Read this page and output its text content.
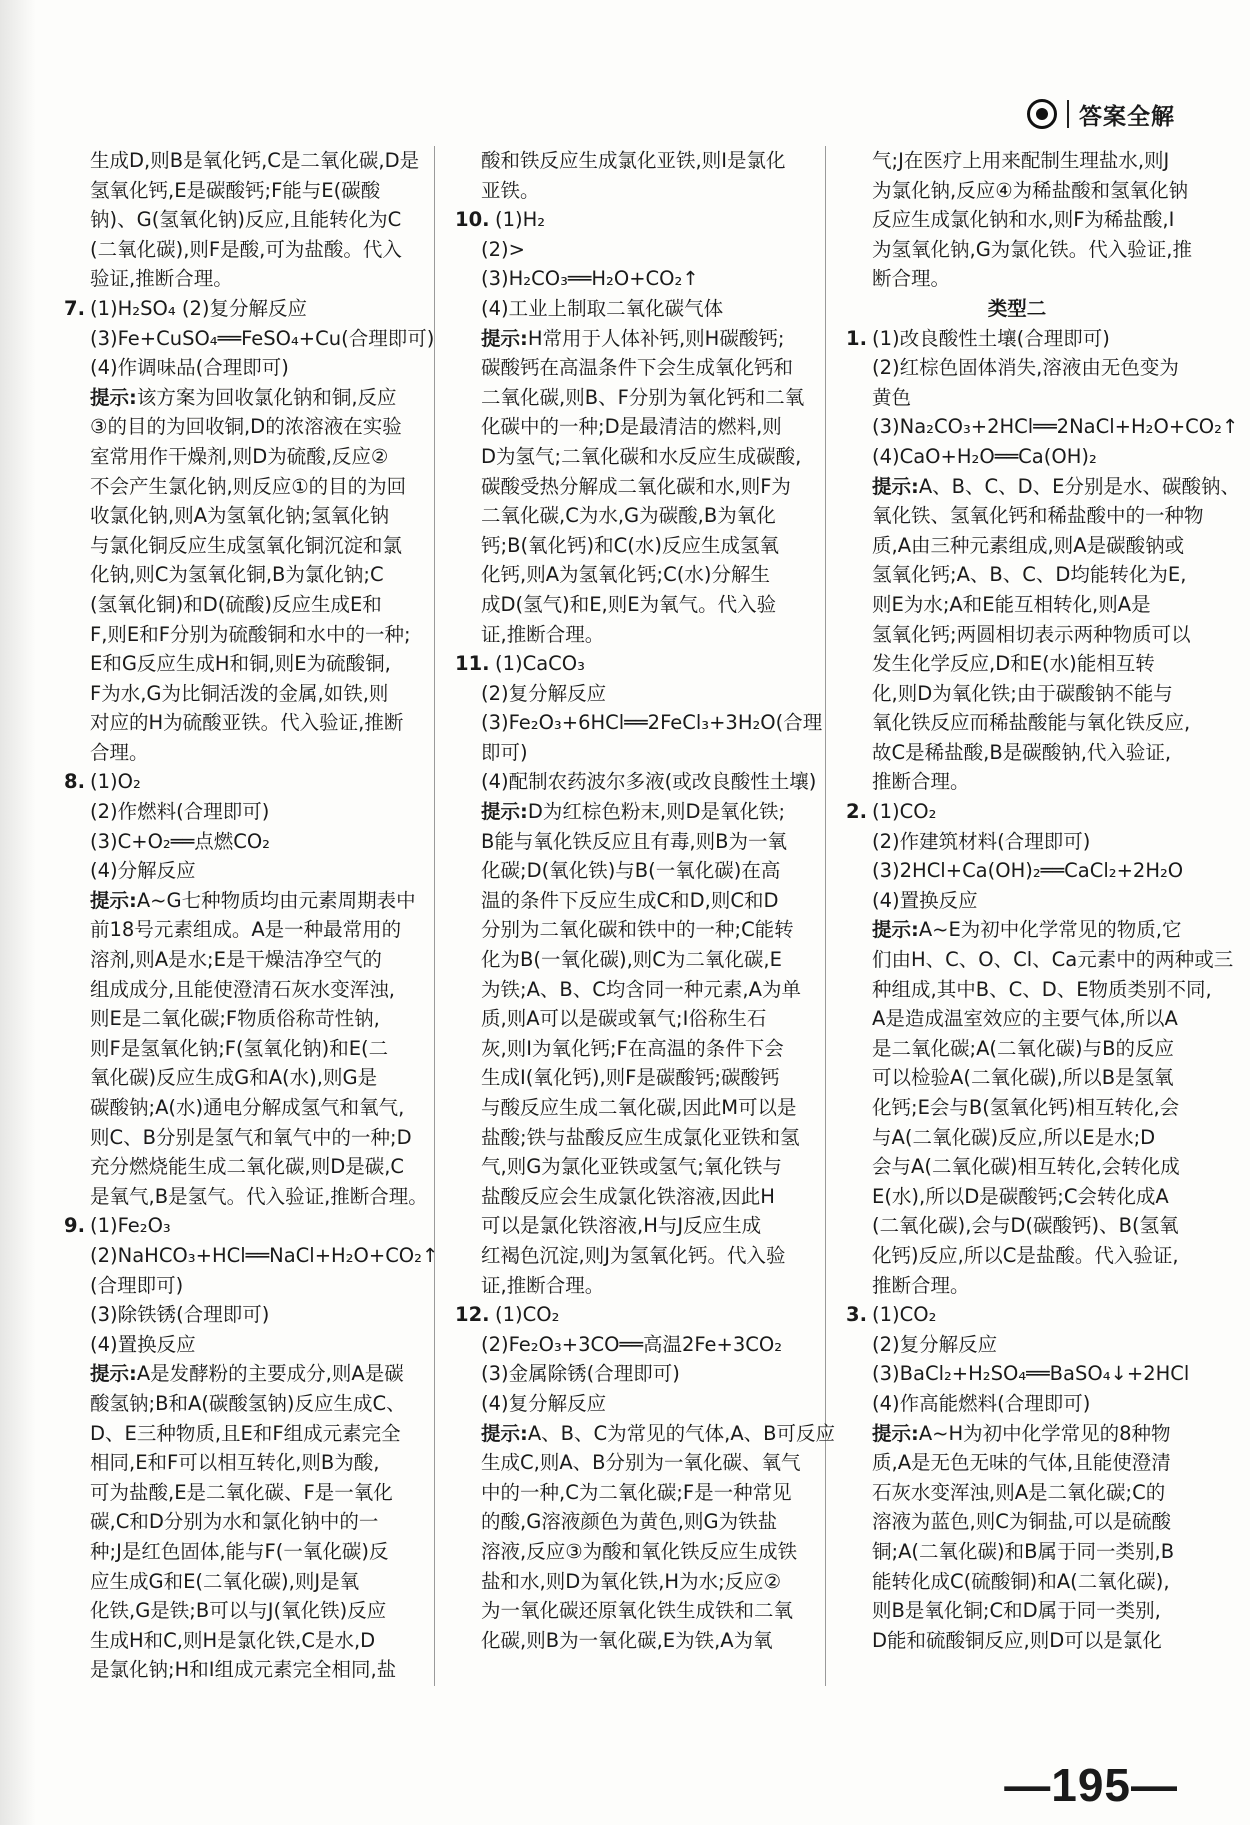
答案全解
生成D,则B是氧化钙,C是二氧化碳,D是
氢氧化钙,E是碳酸钙;F能与E(碳酸
钠)、G(氢氧化钠)反应,且能转化为C
(二氧化碳),则F是酸,可为盐酸。代入
验证,推断合理。
7. (1)H₂SO₄ (2)复分解反应
(3)Fe+CuSO₄══FeSO₄+Cu(合理即可)
(4)作调味品(合理即可)
提示:该方案为回收氯化钠和铜,反应
③的目的为回收铜,D的浓溶液在实验
室常用作干燥剂,则D为硫酸,反应②
不会产生氯化钠,则反应①的目的为回
收氯化钠,则A为氢氧化钠;氢氧化钠
与氯化铜反应生成氢氧化铜沉淀和氯
化钠,则C为氢氧化铜,B为氯化钠;C
(氢氧化铜)和D(硫酸)反应生成E和
F,则E和F分别为硫酸铜和水中的一种;
E和G反应生成H和铜,则E为硫酸铜,
F为水,G为比铜活泼的金属,如铁,则
对应的H为硫酸亚铁。代入验证,推断
合理。
8. (1)O₂
(2)作燃料(合理即可)
(3)C+O₂══点燃CO₂
(4)分解反应
提示:A~G七种物质均由元素周期表中
前18号元素组成。A是一种最常用的
溶剂,则A是水;E是干燥洁净空气的
组成成分,且能使澄清石灰水变浑浊,
则E是二氧化碳;F物质俗称苛性钠,
则F是氢氧化钠;F(氢氧化钠)和E(二
氧化碳)反应生成G和A(水),则G是
碳酸钠;A(水)通电分解成氢气和氧气,
则C、B分别是氢气和氧气中的一种;D
充分燃烧能生成二氧化碳,则D是碳,C
是氧气,B是氢气。代入验证,推断合理。
9. (1)Fe₂O₃
(2)NaHCO₃+HCl══NaCl+H₂O+CO₂↑
(合理即可)
(3)除铁锈(合理即可)
(4)置换反应
提示:A是发酵粉的主要成分,则A是碳
酸氢钠;B和A(碳酸氢钠)反应生成C、
D、E三种物质,且E和F组成元素完全
相同,E和F可以相互转化,则B为酸,
可为盐酸,E是二氧化碳、F是一氧化
碳,C和D分别为水和氯化钠中的一
种;J是红色固体,能与F(一氧化碳)反
应生成G和E(二氧化碳),则J是氧
化铁,G是铁;B可以与J(氧化铁)反应
生成H和C,则H是氯化铁,C是水,D
是氯化钠;H和I组成元素完全相同,盐
酸和铁反应生成氯化亚铁,则I是氯化
亚铁。
10. (1)H₂
(2)>
(3)H₂CO₃══H₂O+CO₂↑
(4)工业上制取二氧化碳气体
提示:H常用于人体补钙,则H碳酸钙;
碳酸钙在高温条件下会生成氧化钙和
二氧化碳,则B、F分别为氧化钙和二氧
化碳中的一种;D是最清洁的燃料,则
D为氢气;二氧化碳和水反应生成碳酸,
碳酸受热分解成二氧化碳和水,则F为
二氧化碳,C为水,G为碳酸,B为氧化
钙;B(氧化钙)和C(水)反应生成氢氧
化钙,则A为氢氧化钙;C(水)分解生
成D(氢气)和E,则E为氧气。代入验
证,推断合理。
11. (1)CaCO₃
(2)复分解反应
(3)Fe₂O₃+6HCl══2FeCl₃+3H₂O(合理
即可)
(4)配制农药波尔多液(或改良酸性土壤)
提示:D为红棕色粉末,则D是氧化铁;
B能与氧化铁反应且有毒,则B为一氧
化碳;D(氧化铁)与B(一氧化碳)在高
温的条件下反应生成C和D,则C和D
分别为二氧化碳和铁中的一种;C能转
化为B(一氧化碳),则C为二氧化碳,E
为铁;A、B、C均含同一种元素,A为单
质,则A可以是碳或氧气;I俗称生石
灰,则I为氧化钙;F在高温的条件下会
生成I(氧化钙),则F是碳酸钙;碳酸钙
与酸反应生成二氧化碳,因此M可以是
盐酸;铁与盐酸反应生成氯化亚铁和氢
气,则G为氯化亚铁或氢气;氧化铁与
盐酸反应会生成氯化铁溶液,因此H
可以是氯化铁溶液,H与J反应生成
红褐色沉淀,则J为氢氧化钙。代入验
证,推断合理。
12. (1)CO₂
(2)Fe₂O₃+3CO══高温2Fe+3CO₂
(3)金属除锈(合理即可)
(4)复分解反应
提示:A、B、C为常见的气体,A、B可反应
生成C,则A、B分别为一氧化碳、氧气
中的一种,C为二氧化碳;F是一种常见
的酸,G溶液颜色为黄色,则G为铁盐
溶液,反应③为酸和氧化铁反应生成铁
盐和水,则D为氧化铁,H为水;反应②
为一氧化碳还原氧化铁生成铁和二氧
化碳,则B为一氧化碳,E为铁,A为氧
气;J在医疗上用来配制生理盐水,则J
为氯化钠,反应④为稀盐酸和氢氧化钠
反应生成氯化钠和水,则F为稀盐酸,I
为氢氧化钠,G为氯化铁。代入验证,推
断合理。
类型二
1. (1)改良酸性土壤(合理即可)
(2)红棕色固体消失,溶液由无色变为
黄色
(3)Na₂CO₃+2HCl══2NaCl+H₂O+CO₂↑
(4)CaO+H₂O══Ca(OH)₂
提示:A、B、C、D、E分别是水、碳酸钠、
氧化铁、氢氧化钙和稀盐酸中的一种物
质,A由三种元素组成,则A是碳酸钠或
氢氧化钙;A、B、C、D均能转化为E,
则E为水;A和E能互相转化,则A是
氢氧化钙;两圆相切表示两种物质可以
发生化学反应,D和E(水)能相互转
化,则D为氧化铁;由于碳酸钠不能与
氧化铁反应而稀盐酸能与氧化铁反应,
故C是稀盐酸,B是碳酸钠,代入验证,
推断合理。
2. (1)CO₂
(2)作建筑材料(合理即可)
(3)2HCl+Ca(OH)₂══CaCl₂+2H₂O
(4)置换反应
提示:A~E为初中化学常见的物质,它
们由H、C、O、Cl、Ca元素中的两种或三
种组成,其中B、C、D、E物质类别不同,
A是造成温室效应的主要气体,所以A
是二氧化碳;A(二氧化碳)与B的反应
可以检验A(二氧化碳),所以B是氢氧
化钙;E会与B(氢氧化钙)相互转化,会
与A(二氧化碳)反应,所以E是水;D
会与A(二氧化碳)相互转化,会转化成
E(水),所以D是碳酸钙;C会转化成A
(二氧化碳),会与D(碳酸钙)、B(氢氧
化钙)反应,所以C是盐酸。代入验证,
推断合理。
3. (1)CO₂
(2)复分解反应
(3)BaCl₂+H₂SO₄══BaSO₄↓+2HCl
(4)作高能燃料(合理即可)
提示:A~H为初中化学常见的8种物
质,A是无色无味的气体,且能使澄清
石灰水变浑浊,则A是二氧化碳;C的
溶液为蓝色,则C为铜盐,可以是硫酸
铜;A(二氧化碳)和B属于同一类别,B
能转化成C(硫酸铜)和A(二氧化碳),
则B是氧化铜;C和D属于同一类别,
D能和硫酸铜反应,则D可以是氯化
—195—
